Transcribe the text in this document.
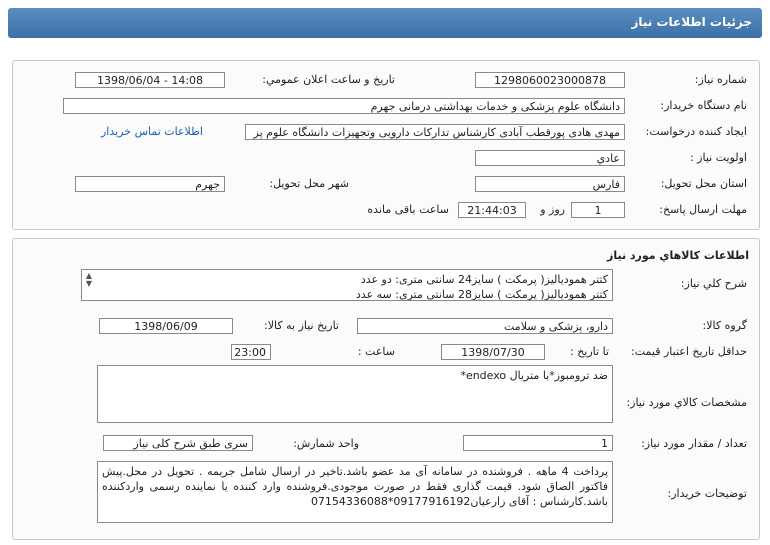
جزئيات اطلاعات نياز
شماره نياز:
1298060023000878
تاريخ و ساعت اعلان عمومي:
1398/06/04 - 14:08
نام دستگاه خريدار:
دانشگاه علوم پزشکی و خدمات بهداشتی درمانی جهرم
ايجاد کننده درخواست:
مهدی هادی پورقطب آبادی کارشناس تدارکات دارویی وتجهیزات دانشگاه علوم پز
اطلاعات تماس خريدار
اولويت نياز :
عادي
استان محل تحويل:
فارس
شهر محل تحويل:
جهرم
مهلت ارسال پاسخ:
1
روز و
21:44:03
ساعت باقی مانده
اطلاعات کالاهاي مورد نياز
شرح کلي نياز:
کتتر همودیالیز( پرمکت ) سایز24 سانتی متری: دو عدد
کتتر همودیالیز( پرمکت ) سایز28 سانتی متری: سه عدد
▲
▼
گروه کالا:
دارو، پزشکی و سلامت
تاريخ نياز به کالا:
1398/06/09
حداقل تاريخ اعتبار قيمت:
تا تاريخ :
1398/07/30
ساعت :
23:00
مشخصات کالاي مورد نياز:
ضد ترومبوز*با متریال endexo*
تعداد / مقدار مورد نياز:
1
واحد شمارش:
سری طبق شرح کلی نیاز
توضيحات خريدار:
پرداخت 4 ماهه . فروشنده در سامانه آی مد عضو باشد.تاخیر در ارسال شامل جریمه . تحویل در محل.پیش فاکتور الصاق شود. قیمت گذاری فقط در صورت موجودی.فروشنده وارد کننده یا نماینده رسمی واردکننده باشد.کارشناس : آقای زارعیان09177916192*07154336088
